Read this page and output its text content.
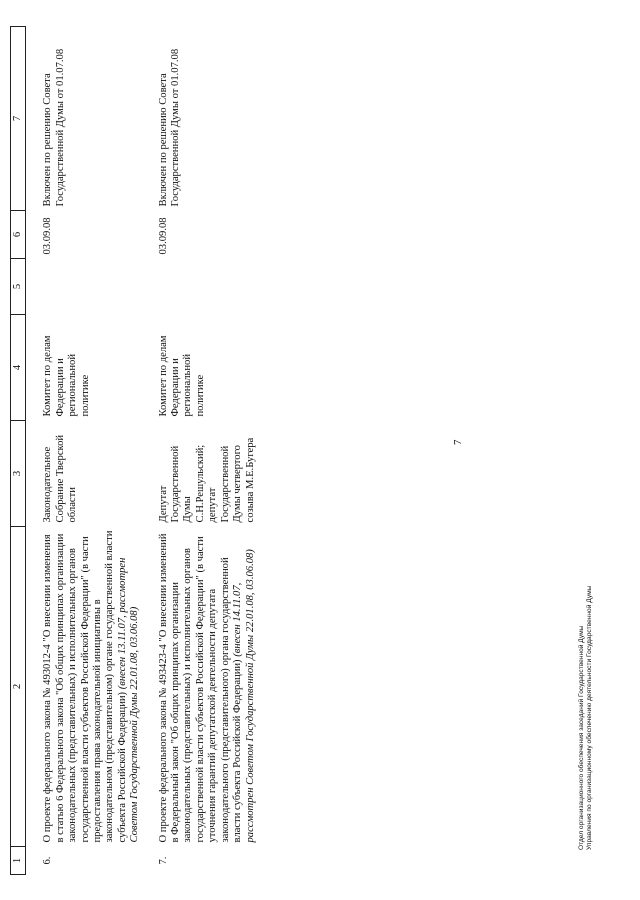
1	2	3	4	5	6	7

6.	О проекте федерального закона № 493012-4 "О внесении изменения в статью 6 Федерального закона "Об общих принципах организации законодательных (представительных) и исполнительных органов государственной власти субъектов Российской Федерации" (в части предоставления права законодательной инициативы в законодательном (представительном) органе государственной власти субъекта Российской Федерации) (внесен 13.11.07, рассмотрен Советом Государственной Думы 22.01.08, 03.06.08)	Законодательное Собрание Тверской области	Комитет по делам Федерации и региональной политике		03.09.08	Включен по решению Совета Государственной Думы от 01.07.08

7.	О проекте федерального закона № 493423-4 "О внесении изменений в Федеральный закон "Об общих принципах организации законодательных (представительных) и исполнительных органов государственной власти субъектов Российской Федерации" (в части уточнения гарантий депутатской деятельности депутата законодательного (представительного) органа государственной власти субъекта Российской Федерации) (внесен 14.11.07, рассмотрен Советом Государственной Думы 22.01.08, 03.06.08)	Депутат Государственной Думы С.Н.Решульский; депутат Государственной Думы четвертого созыва М.Е.Бугера	Комитет по делам Федерации и региональной политике		03.09.08	Включен по решению Совета Государственной Думы от 01.07.08
7
Отдел организационного обеспечения заседаний Государственной Думы Управления по организационному обеспечению деятельности Государственной Думы
